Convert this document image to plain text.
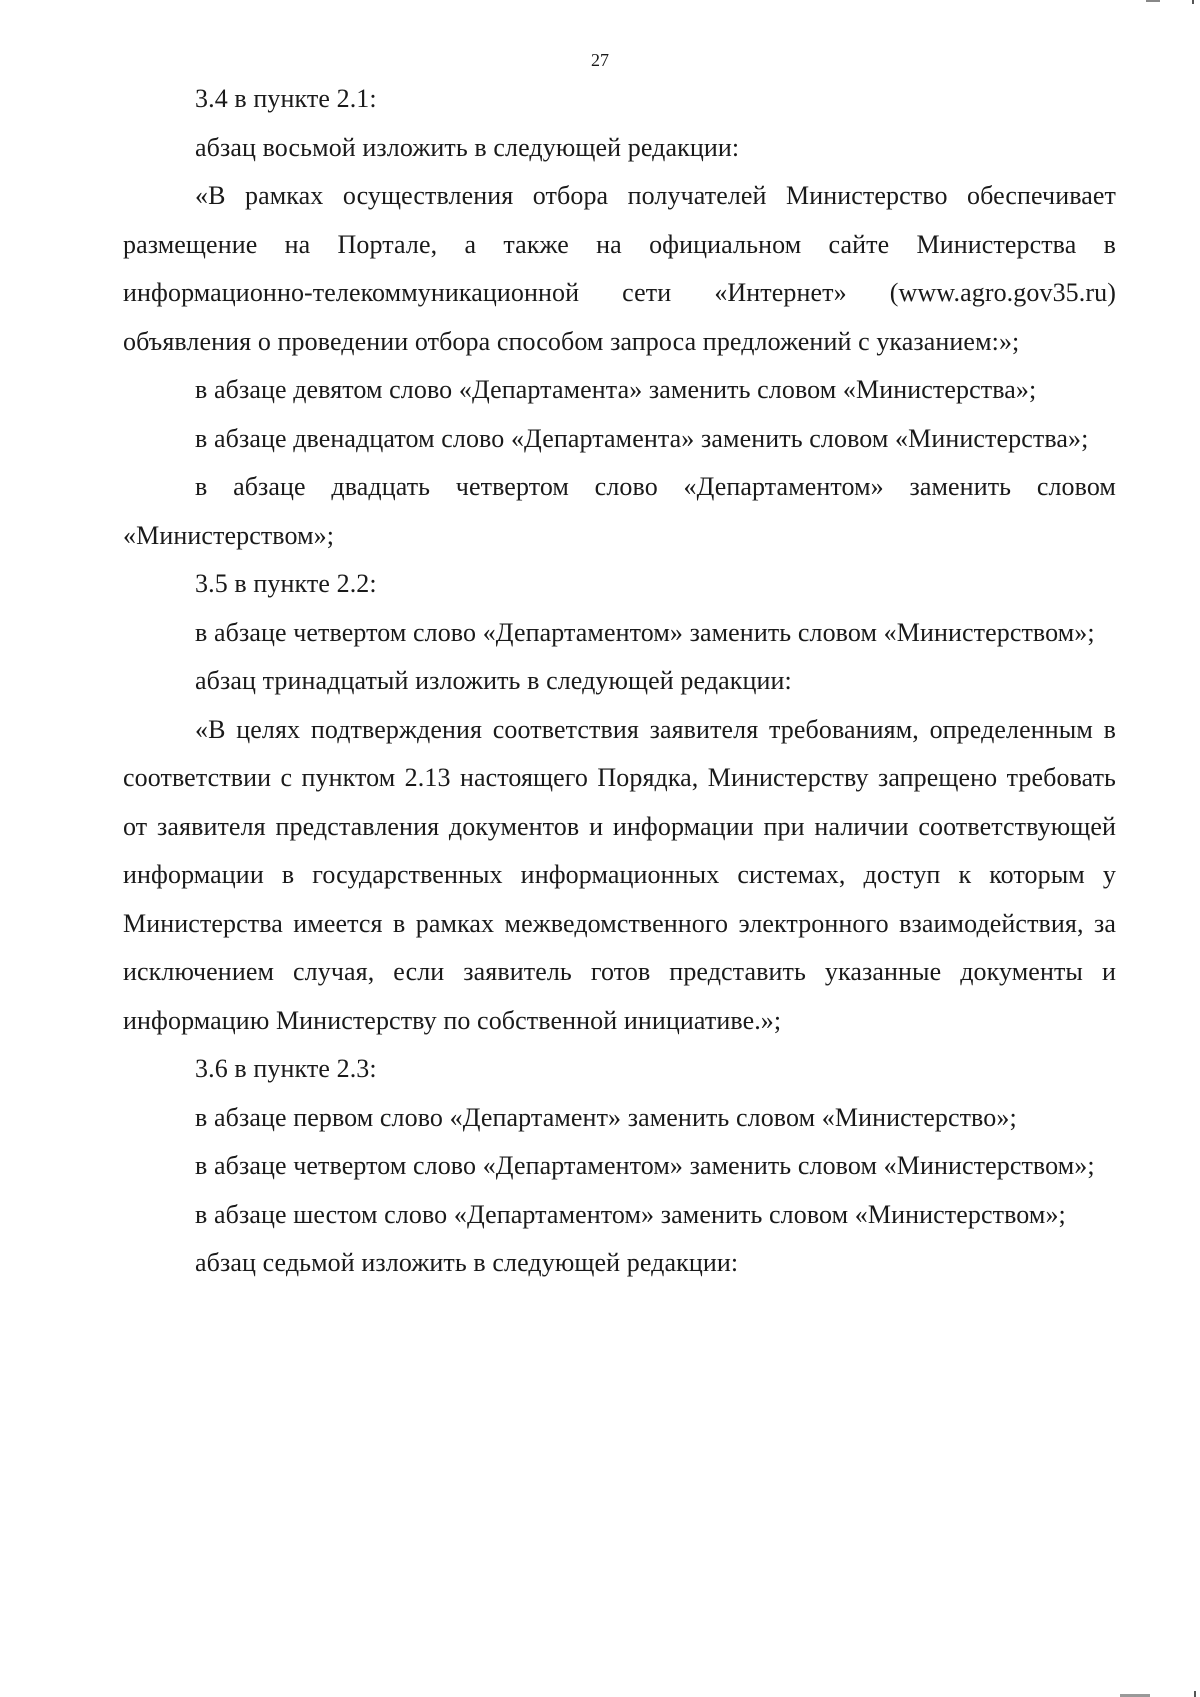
27

3.4 в пункте 2.1:

абзац восьмой изложить в следующей редакции:

«В рамках осуществления отбора получателей Министерство обеспечивает размещение на Портале, а также на официальном сайте Министерства в информационно-телекоммуникационной сети «Интернет» (www.agro.gov35.ru) объявления о проведении отбора способом запроса предложений с указанием:»;

в абзаце девятом слово «Департамента» заменить словом «Министерства»;

в абзаце двенадцатом слово «Департамента» заменить словом «Министерства»;

в абзаце двадцать четвертом слово «Департаментом» заменить словом «Министерством»;

3.5 в пункте 2.2:

в абзаце четвертом слово «Департаментом» заменить словом «Министерством»;

абзац тринадцатый изложить в следующей редакции:

«В целях подтверждения соответствия заявителя требованиям, определенным в соответствии с пунктом 2.13 настоящего Порядка, Министерству запрещено требовать от заявителя представления документов и информации при наличии соответствующей информации в государственных информационных системах, доступ к которым у Министерства имеется в рамках межведомственного электронного взаимодействия, за исключением случая, если заявитель готов представить указанные документы и информацию Министерству по собственной инициативе.»;

3.6 в пункте 2.3:

в абзаце первом слово «Департамент» заменить словом «Министерство»;

в абзаце четвертом слово «Департаментом» заменить словом «Министерством»;

в абзаце шестом слово «Департаментом» заменить словом «Министерством»;

абзац седьмой изложить в следующей редакции:
